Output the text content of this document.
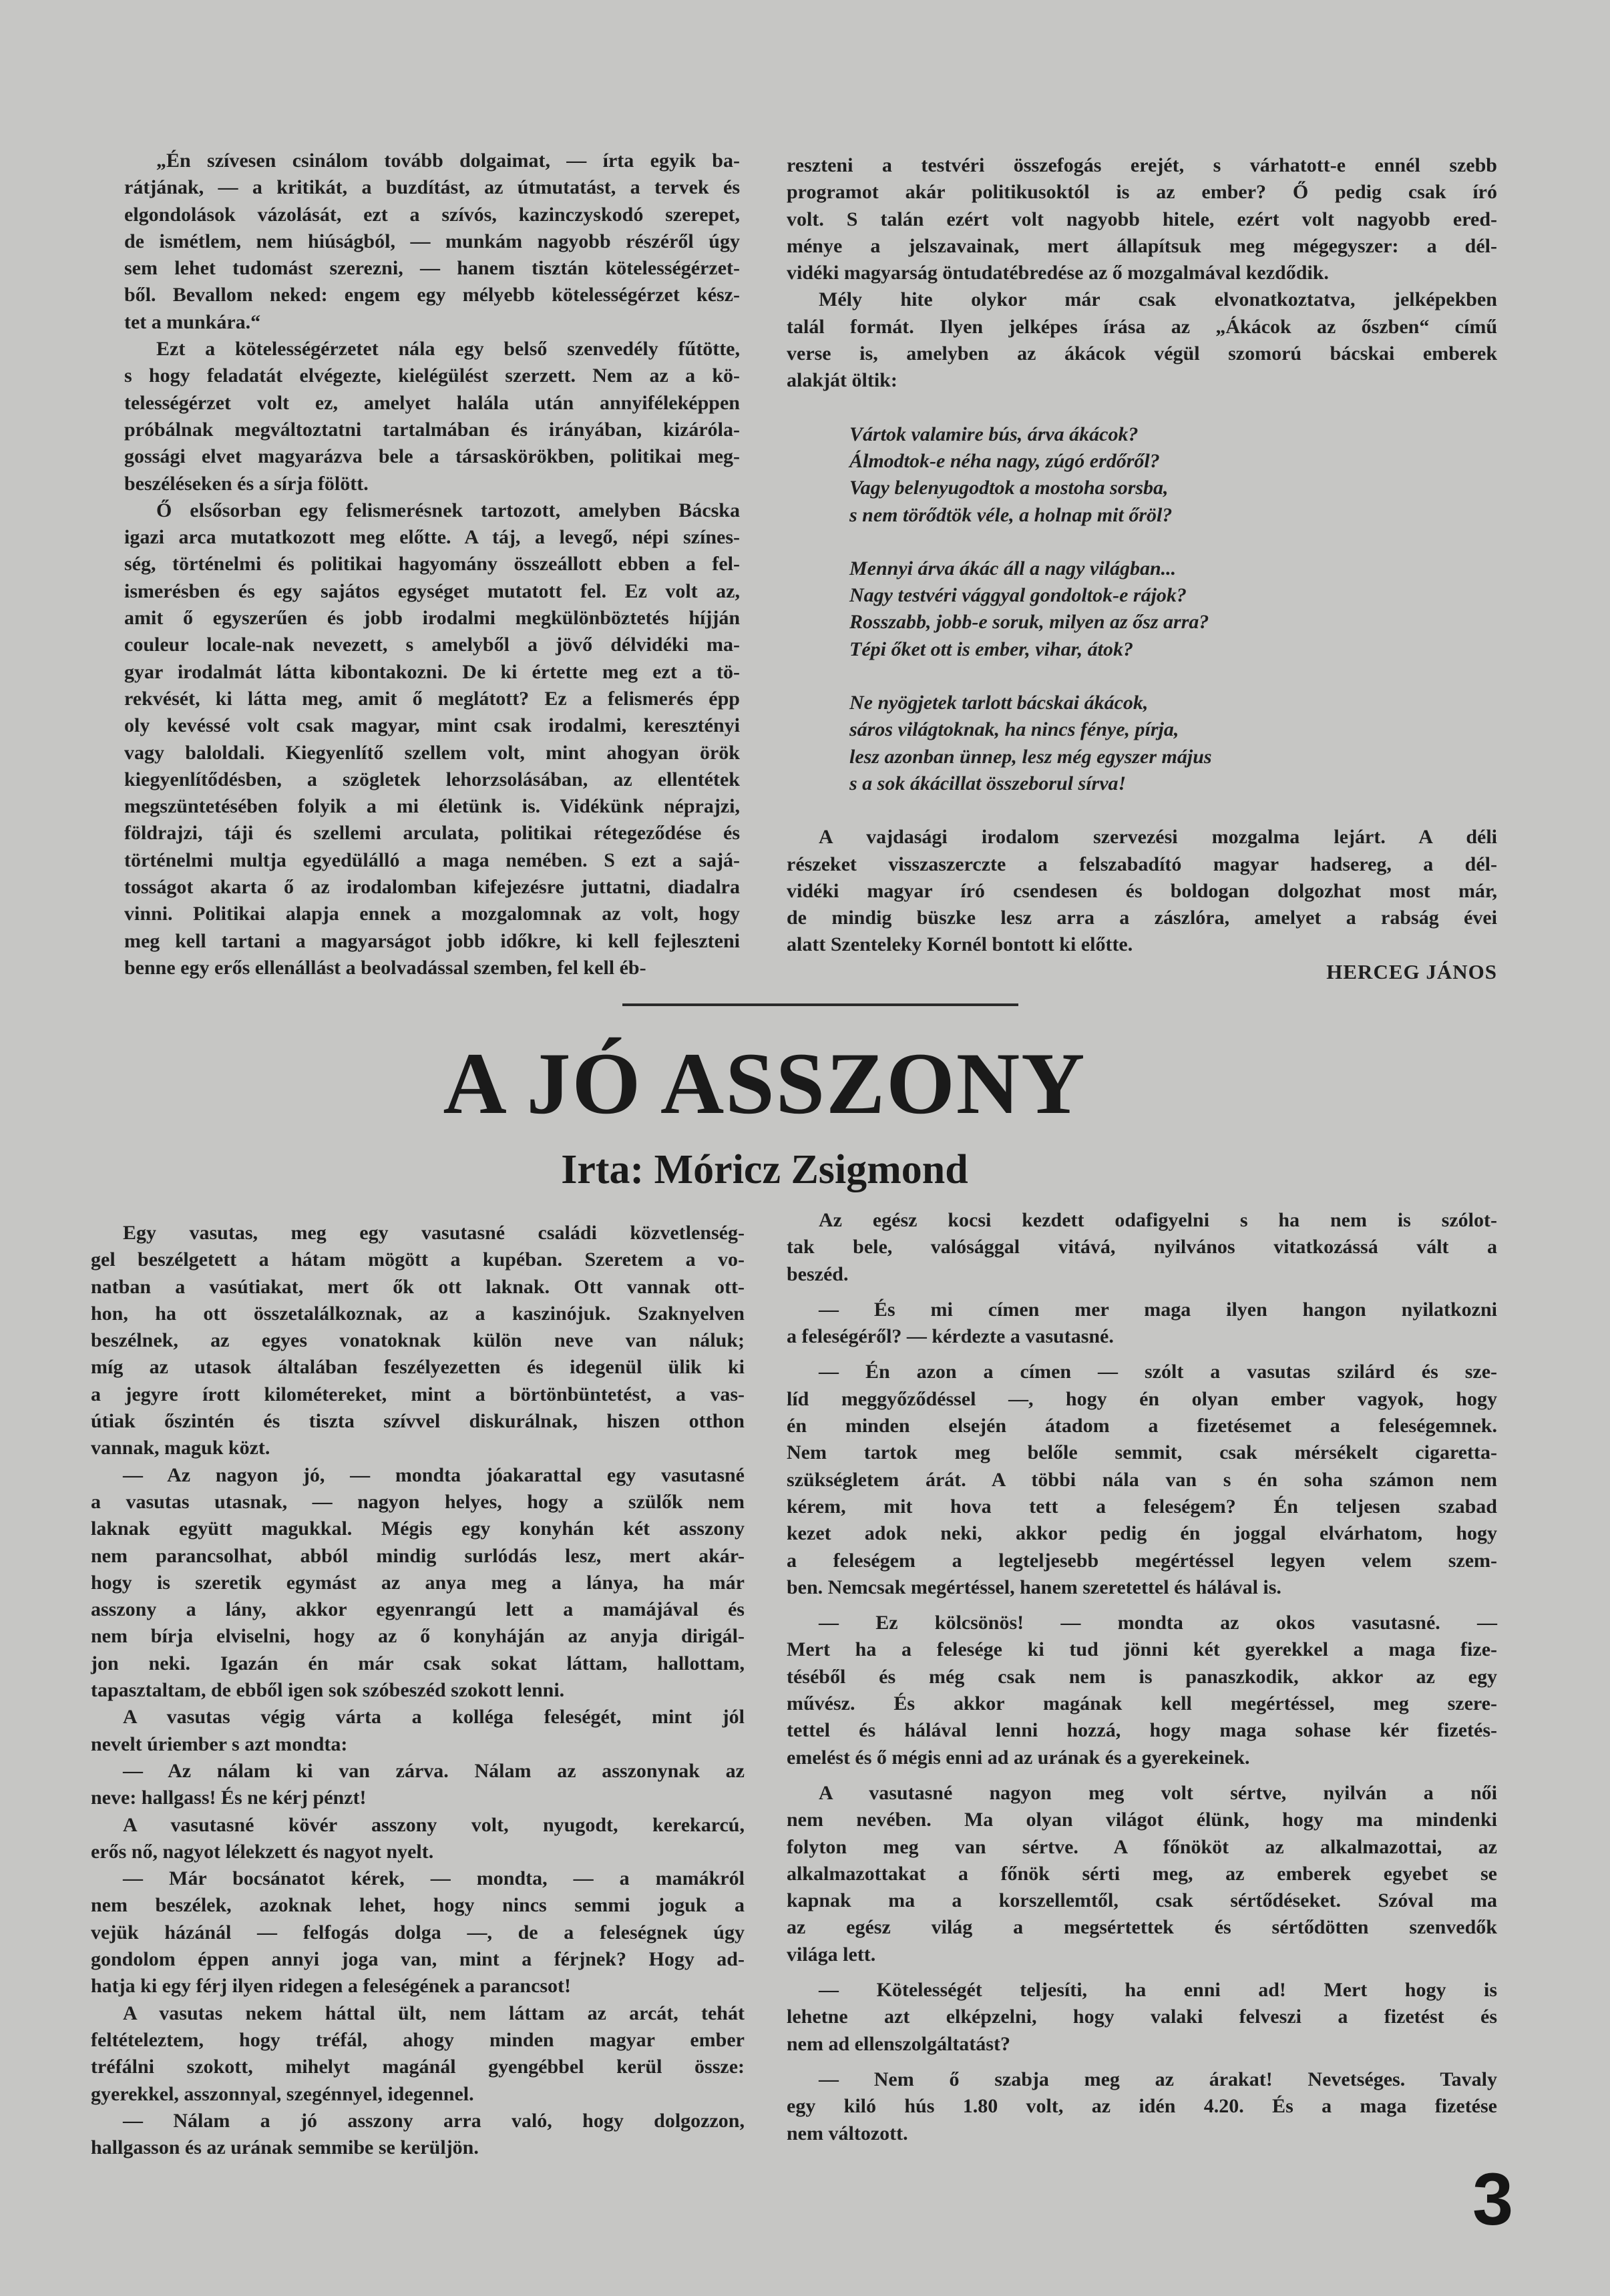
„Én szívesen csinálom tovább dolgaimat, — írta egyik ba-
rátjának, — a kritikát, a buzdítást, az útmutatást, a tervek és
elgondolások vázolását, ezt a szívós, kazinczyskodó szerepet,
de ismétlem, nem hiúságból, — munkám nagyobb részéről úgy
sem lehet tudomást szerezni, — hanem tisztán kötelességérzet-
ből. Bevallom neked: engem egy mélyebb kötelességérzet kész-
tet a munkára.“
Ezt a kötelességérzetet nála egy belső szenvedély fűtötte,
s hogy feladatát elvégezte, kielégülést szerzett. Nem az a kö-
telességérzet volt ez, amelyet halála után annyiféleképpen
próbálnak megváltoztatni tartalmában és irányában, kizáróla-
gossági elvet magyarázva bele a társaskörökben, politikai meg-
beszéléseken és a sírja fölött.
Ő elsősorban egy felismerésnek tartozott, amelyben Bácska
igazi arca mutatkozott meg előtte. A táj, a levegő, népi színes-
ség, történelmi és politikai hagyomány összeállott ebben a fel-
ismerésben és egy sajátos egységet mutatott fel. Ez volt az,
amit ő egyszerűen és jobb irodalmi megkülönböztetés híjján
couleur locale-nak nevezett, s amelyből a jövő délvidéki ma-
gyar irodalmát látta kibontakozni. De ki értette meg ezt a tö-
rekvését, ki látta meg, amit ő meglátott? Ez a felismerés épp
oly kevéssé volt csak magyar, mint csak irodalmi, keresztényi
vagy baloldali. Kiegyenlítő szellem volt, mint ahogyan örök
kiegyenlítődésben, a szögletek lehorzsolásában, az ellentétek
megszüntetésében folyik a mi életünk is. Vidékünk néprajzi,
földrajzi, táji és szellemi arculata, politikai rétegeződése és
történelmi multja egyedülálló a maga nemében. S ezt a sajá-
tosságot akarta ő az irodalomban kifejezésre juttatni, diadalra
vinni. Politikai alapja ennek a mozgalomnak az volt, hogy
meg kell tartani a magyarságot jobb időkre, ki kell fejleszteni
benne egy erős ellenállást a beolvadással szemben, fel kell éb-
reszteni a testvéri összefogás erejét, s várhatott-e ennél szebb
programot akár politikusoktól is az ember? Ő pedig csak író
volt. S talán ezért volt nagyobb hitele, ezért volt nagyobb ered-
ménye a jelszavainak, mert állapítsuk meg mégegyszer: a dél-
vidéki magyarság öntudatébredése az ő mozgalmával kezdődik.
Mély hite olykor már csak elvonatkoztatva, jelképekben
talál formát. Ilyen jelképes írása az „Ákácok az őszben“ című
verse is, amelyben az ákácok végül szomorú bácskai emberek
alakját öltik:
Vártok valamire bús, árva ákácok?
Álmodtok-e néha nagy, zúgó erdőről?
Vagy belenyugodtok a mostoha sorsba,
s nem törődtök véle, a holnap mit őröl?
Mennyi árva ákác áll a nagy világban...
Nagy testvéri vággyal gondoltok-e rájok?
Rosszabb, jobb-e soruk, milyen az ősz arra?
Tépi őket ott is ember, vihar, átok?
Ne nyögjetek tarlott bácskai ákácok,
sáros világtoknak, ha nincs fénye, pírja,
lesz azonban ünnep, lesz még egyszer május
s a sok ákácillat összeborul sírva!
A vajdasági irodalom szervezési mozgalma lejárt. A déli
részeket visszaszerczte a felszabadító magyar hadsereg, a dél-
vidéki magyar író csendesen és boldogan dolgozhat most már,
de mindig büszke lesz arra a zászlóra, amelyet a rabság évei
alatt Szenteleky Kornél bontott ki előtte.
HERCEG JÁNOS
A JÓ ASSZONY
Irta: Móricz Zsigmond
Egy vasutas, meg egy vasutasné családi közvetlenség-
gel beszélgetett a hátam mögött a kupéban. Szeretem a vo-
natban a vasútiakat, mert ők ott laknak. Ott vannak ott-
hon, ha ott összetalálkoznak, az a kaszinójuk. Szaknyelven
beszélnek, az egyes vonatoknak külön neve van náluk;
míg az utasok általában feszélyezetten és idegenül ülik ki
a jegyre írott kilométereket, mint a börtönbüntetést, a vas-
útiak őszintén és tiszta szívvel diskurálnak, hiszen otthon
vannak, maguk közt.
— Az nagyon jó, — mondta jóakarattal egy vasutasné
a vasutas utasnak, — nagyon helyes, hogy a szülők nem
laknak együtt magukkal. Mégis egy konyhán két asszony
nem parancsolhat, abból mindig surlódás lesz, mert akár-
hogy is szeretik egymást az anya meg a lánya, ha már
asszony a lány, akkor egyenrangú lett a mamájával és
nem bírja elviselni, hogy az ő konyháján az anyja dirigál-
jon neki. Igazán én már csak sokat láttam, hallottam,
tapasztaltam, de ebből igen sok szóbeszéd szokott lenni.
A vasutas végig várta a kolléga feleségét, mint jól
nevelt úriember s azt mondta:
— Az nálam ki van zárva. Nálam az asszonynak az
neve: hallgass! És ne kérj pénzt!
A vasutasné kövér asszony volt, nyugodt, kerekarcú,
erős nő, nagyot lélekzett és nagyot nyelt.
— Már bocsánatot kérek, — mondta, — a mamákról
nem beszélek, azoknak lehet, hogy nincs semmi joguk a
vejük házánál — felfogás dolga —, de a feleségnek úgy
gondolom éppen annyi joga van, mint a férjnek? Hogy ad-
hatja ki egy férj ilyen ridegen a feleségének a parancsot!
A vasutas nekem háttal ült, nem láttam az arcát, tehát
feltételeztem, hogy tréfál, ahogy minden magyar ember
tréfálni szokott, mihelyt magánál gyengébbel kerül össze:
gyerekkel, asszonnyal, szegénnyel, idegennel.
— Nálam a jó asszony arra való, hogy dolgozzon,
hallgasson és az urának semmibe se kerüljön.
Az egész kocsi kezdett odafigyelni s ha nem is szólot-
tak bele, valósággal vitává, nyilvános vitatkozássá vált a
beszéd.
— És mi címen mer maga ilyen hangon nyilatkozni
a feleségéről? — kérdezte a vasutasné.
— Én azon a címen — szólt a vasutas szilárd és sze-
líd meggyőződéssel —, hogy én olyan ember vagyok, hogy
én minden elsején átadom a fizetésemet a feleségemnek.
Nem tartok meg belőle semmit, csak mérsékelt cigaretta-
szükségletem árát. A többi nála van s én soha számon nem
kérem, mit hova tett a feleségem? Én teljesen szabad
kezet adok neki, akkor pedig én joggal elvárhatom, hogy
a feleségem a legteljesebb megértéssel legyen velem szem-
ben. Nemcsak megértéssel, hanem szeretettel és hálával is.
— Ez kölcsönös! — mondta az okos vasutasné. —
Mert ha a felesége ki tud jönni két gyerekkel a maga fize-
téséből és még csak nem is panaszkodik, akkor az egy
művész. És akkor magának kell megértéssel, meg szere-
tettel és hálával lenni hozzá, hogy maga sohase kér fizetés-
emelést és ő mégis enni ad az urának és a gyerekeinek.
A vasutasné nagyon meg volt sértve, nyilván a női
nem nevében. Ma olyan világot élünk, hogy ma mindenki
folyton meg van sértve. A főnököt az alkalmazottai, az
alkalmazottakat a főnök sérti meg, az emberek egyebet se
kapnak ma a korszellemtől, csak sértődéseket. Szóval ma
az egész világ a megsértettek és sértődötten szenvedők
világa lett.
— Kötelességét teljesíti, ha enni ad! Mert hogy is
lehetne azt elképzelni, hogy valaki felveszi a fizetést és
nem ad ellenszolgáltatást?
— Nem ő szabja meg az árakat! Nevetséges. Tavaly
egy kiló hús 1.80 volt, az idén 4.20. És a maga fizetése
nem változott.
3
